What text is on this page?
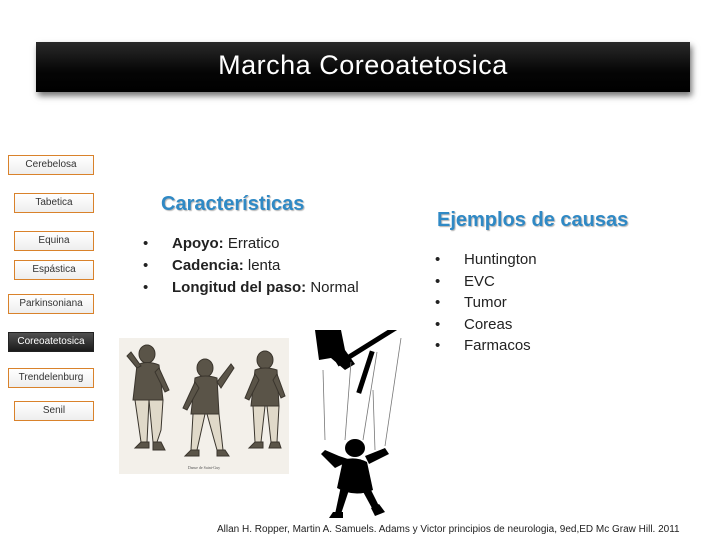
Marcha Coreoatetosica
Cerebelosa
Tabetica
Equina
Espástica
Parkinsoniana
Coreoatetosica
Trendelenburg
Senil
Características
• Apoyo: Erratico
• Cadencia: lenta
• Longitud del paso: Normal
Ejemplos de causas
• Huntington
• EVC
• Tumor
• Coreas
• Farmacos
Danse de Saint-Guy
Allan H. Ropper, Martin A. Samuels. Adams y Victor principios de neurologia, 9ed,ED Mc Graw Hill. 2011
